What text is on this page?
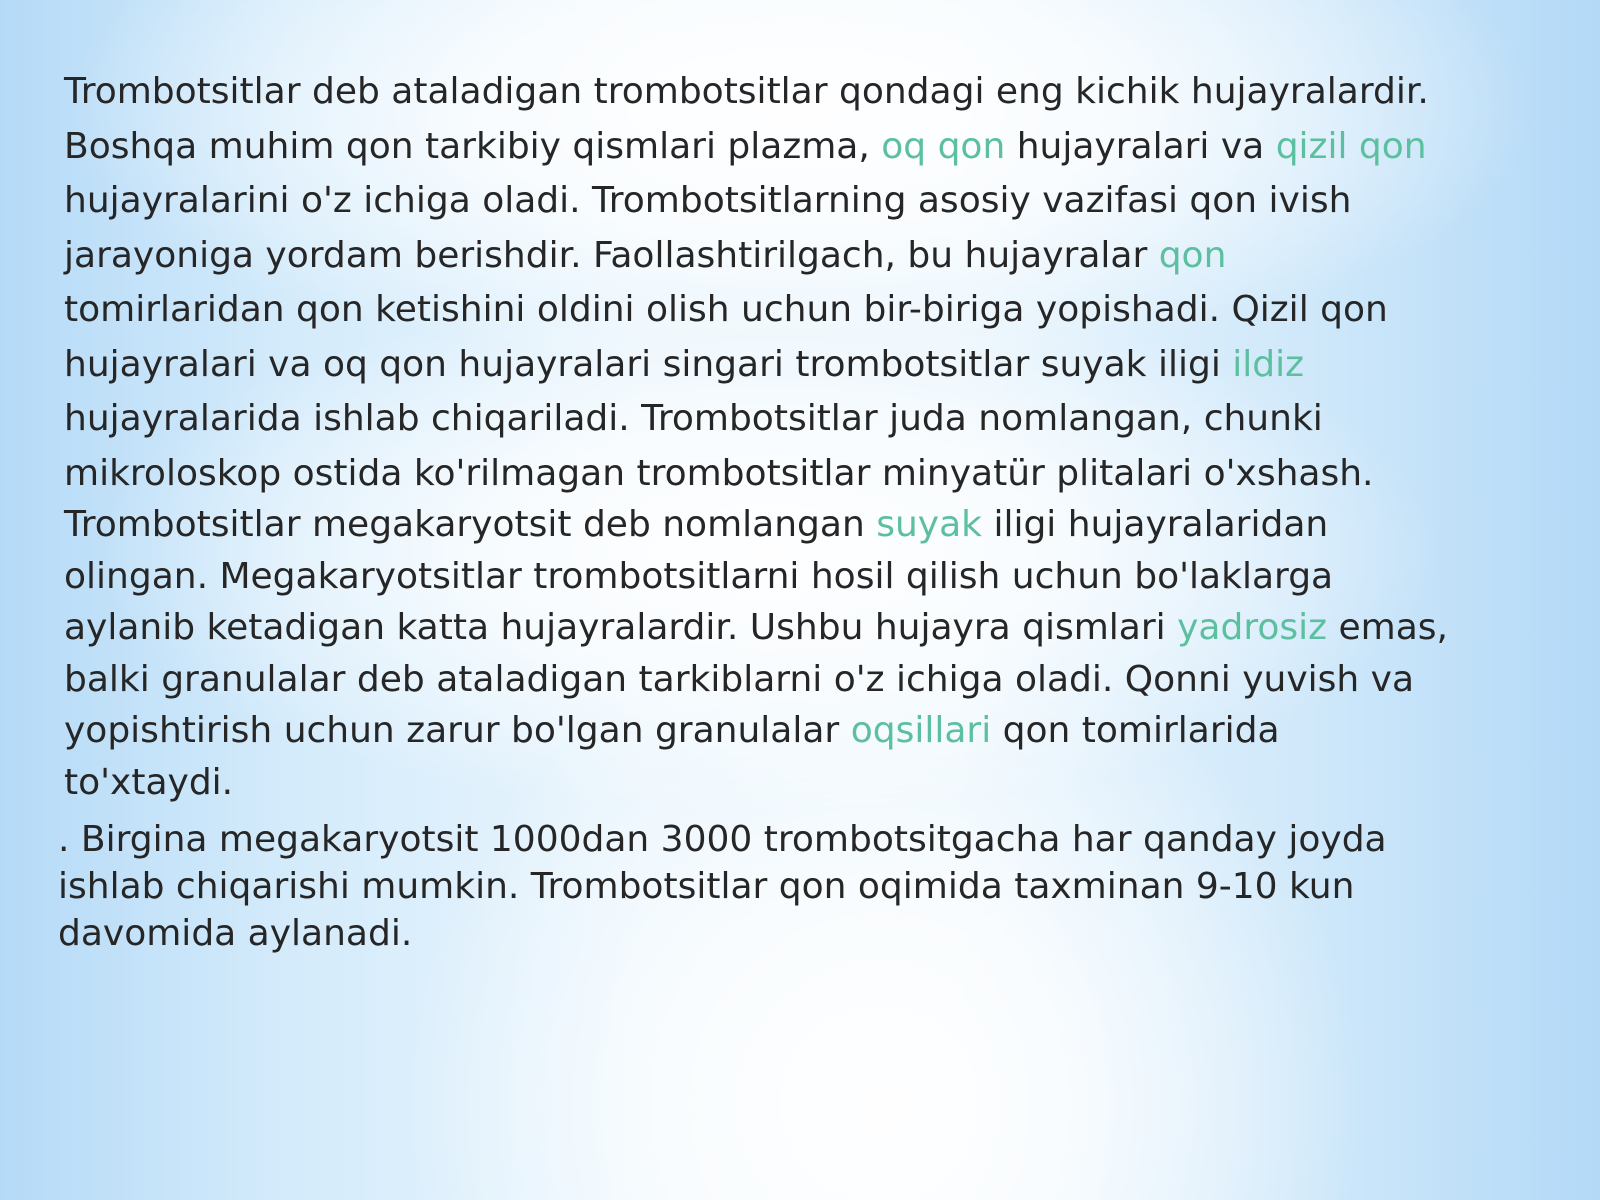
Trombotsitlar deb ataladigan trombotsitlar qondagi eng kichik hujayralardir.
Boshqa muhim qon tarkibiy qismlari plazma, oq qon hujayralari va qizil qon
hujayralarini o'z ichiga oladi. Trombotsitlarning asosiy vazifasi qon ivish
jarayoniga yordam berishdir. Faollashtirilgach, bu hujayralar qon
tomirlaridan qon ketishini oldini olish uchun bir-biriga yopishadi. Qizil qon
hujayralari va oq qon hujayralari singari trombotsitlar suyak iligi ildiz
hujayralarida ishlab chiqariladi. Trombotsitlar juda nomlangan, chunki
mikroloskop ostida ko'rilmagan trombotsitlar minyatür plitalari o'xshash.
Trombotsitlar megakaryotsit deb nomlangan suyak iligi hujayralaridan
olingan. Megakaryotsitlar trombotsitlarni hosil qilish uchun bo'laklarga
aylanib ketadigan katta hujayralardir. Ushbu hujayra qismlari yadrosiz emas,
balki granulalar deb ataladigan tarkiblarni o'z ichiga oladi. Qonni yuvish va
yopishtirish uchun zarur bo'lgan granulalar oqsillari qon tomirlarida
to'xtaydi.
. Birgina megakaryotsit 1000dan 3000 trombotsitgacha har qanday joyda
ishlab chiqarishi mumkin. Trombotsitlar qon oqimida taxminan 9-10 kun
davomida aylanadi.
